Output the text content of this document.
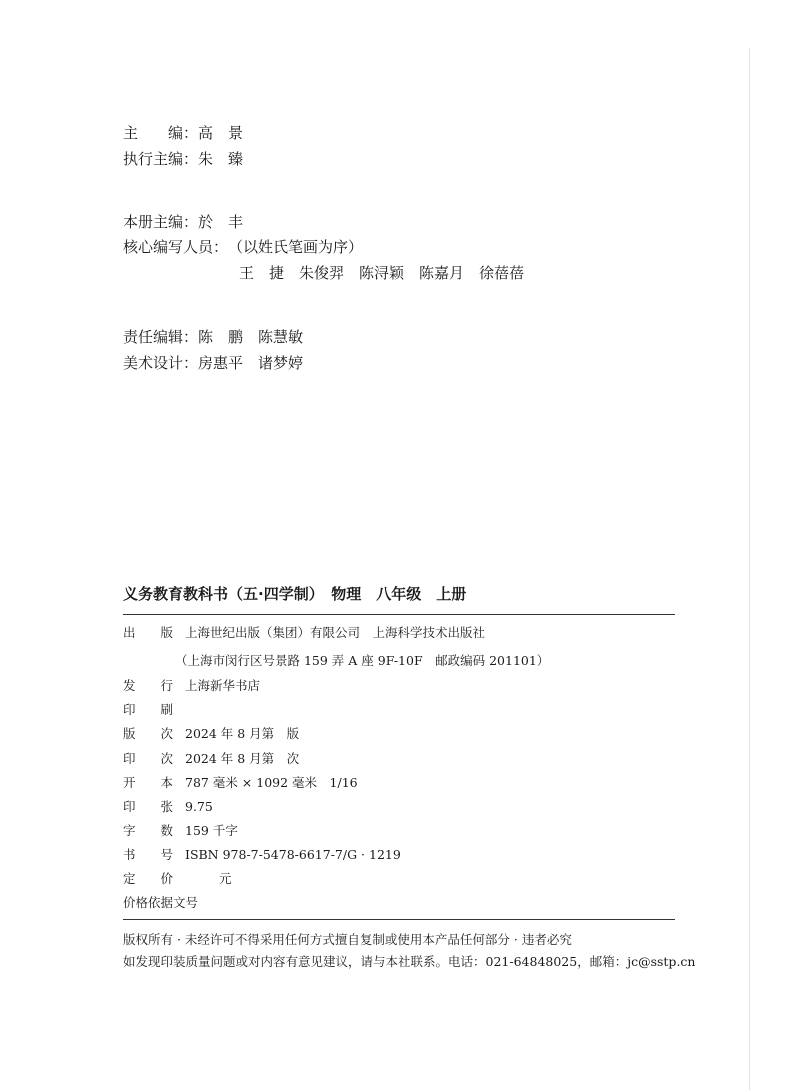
主　　编：高　景
执行主编：朱　臻
本册主编：於　丰
核心编写人员：（以姓氏笔画为序）
王　捷　朱俊羿　陈浔颖　陈嘉月　徐蓓蓓
责任编辑：陈　鹏　陈慧敏
美术设计：房惠平　诸梦婷
义务教育教科书（五·四学制）　物理　八年级　上册
出　　版 上海世纪出版（集团）有限公司　上海科学技术出版社
（上海市闵行区号景路 159 弄 A 座 9F-10F　邮政编码 201101）
发　　行 上海新华书店
印　　刷
版　　次 2024 年 8 月第　版
印　　次 2024 年 8 月第　次
开　　本 787 毫米 × 1092 毫米　1/16
印　　张 9.75
字　　数 159 千字
书　　号 ISBN 978-7-5478-6617-7/G · 1219
定　　价	元
价格依据文号
版权所有 · 未经许可不得采用任何方式擅自复制或使用本产品任何部分 · 违者必究
如发现印装质量问题或对内容有意见建议，请与本社联系。电话：021-64848025，邮箱：jc@sstp.cn
